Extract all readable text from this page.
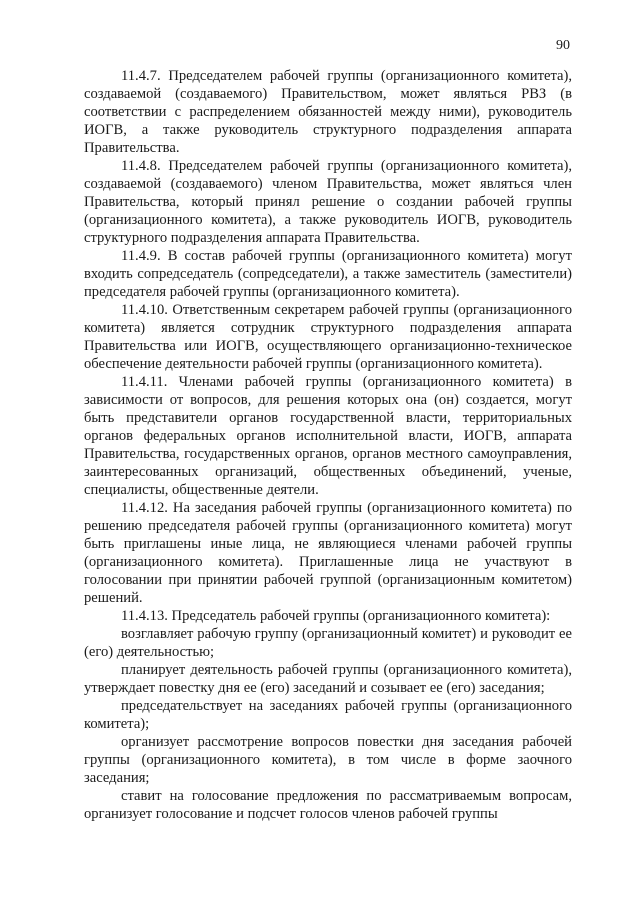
90

11.4.7. Председателем рабочей группы (организационного комитета), создаваемой (создаваемого) Правительством, может являться РВЗ (в соответствии с распределением обязанностей между ними), руководитель ИОГВ, а также руководитель структурного подразделения аппарата Правительства.

11.4.8. Председателем рабочей группы (организационного комитета), создаваемой (создаваемого) членом Правительства, может являться член Правительства, который принял решение о создании рабочей группы (организационного комитета), а также руководитель ИОГВ, руководитель структурного подразделения аппарата Правительства.

11.4.9. В состав рабочей группы (организационного комитета) могут входить сопредседатель (сопредседатели), а также заместитель (заместители) председателя рабочей группы (организационного комитета).

11.4.10. Ответственным секретарем рабочей группы (организационного комитета) является сотрудник структурного подразделения аппарата Правительства или ИОГВ, осуществляющего организационно-техническое обеспечение деятельности рабочей группы (организационного комитета).

11.4.11. Членами рабочей группы (организационного комитета) в зависимости от вопросов, для решения которых она (он) создается, могут быть представители органов государственной власти, территориальных органов федеральных органов исполнительной власти, ИОГВ, аппарата Правительства, государственных органов, органов местного самоуправления, заинтересованных организаций, общественных объединений, ученые, специалисты, общественные деятели.

11.4.12. На заседания рабочей группы (организационного комитета) по решению председателя рабочей группы (организационного комитета) могут быть приглашены иные лица, не являющиеся членами рабочей группы (организационного комитета). Приглашенные лица не участвуют в голосовании при принятии рабочей группой (организационным комитетом) решений.

11.4.13. Председатель рабочей группы (организационного комитета):

возглавляет рабочую группу (организационный комитет) и руководит ее (его) деятельностью;

планирует деятельность рабочей группы (организационного комитета), утверждает повестку дня ее (его) заседаний и созывает ее (его) заседания;

председательствует на заседаниях рабочей группы (организационного комитета);

организует рассмотрение вопросов повестки дня заседания рабочей группы (организационного комитета), в том числе в форме заочного заседания;

ставит на голосование предложения по рассматриваемым вопросам, организует голосование и подсчет голосов членов рабочей группы
